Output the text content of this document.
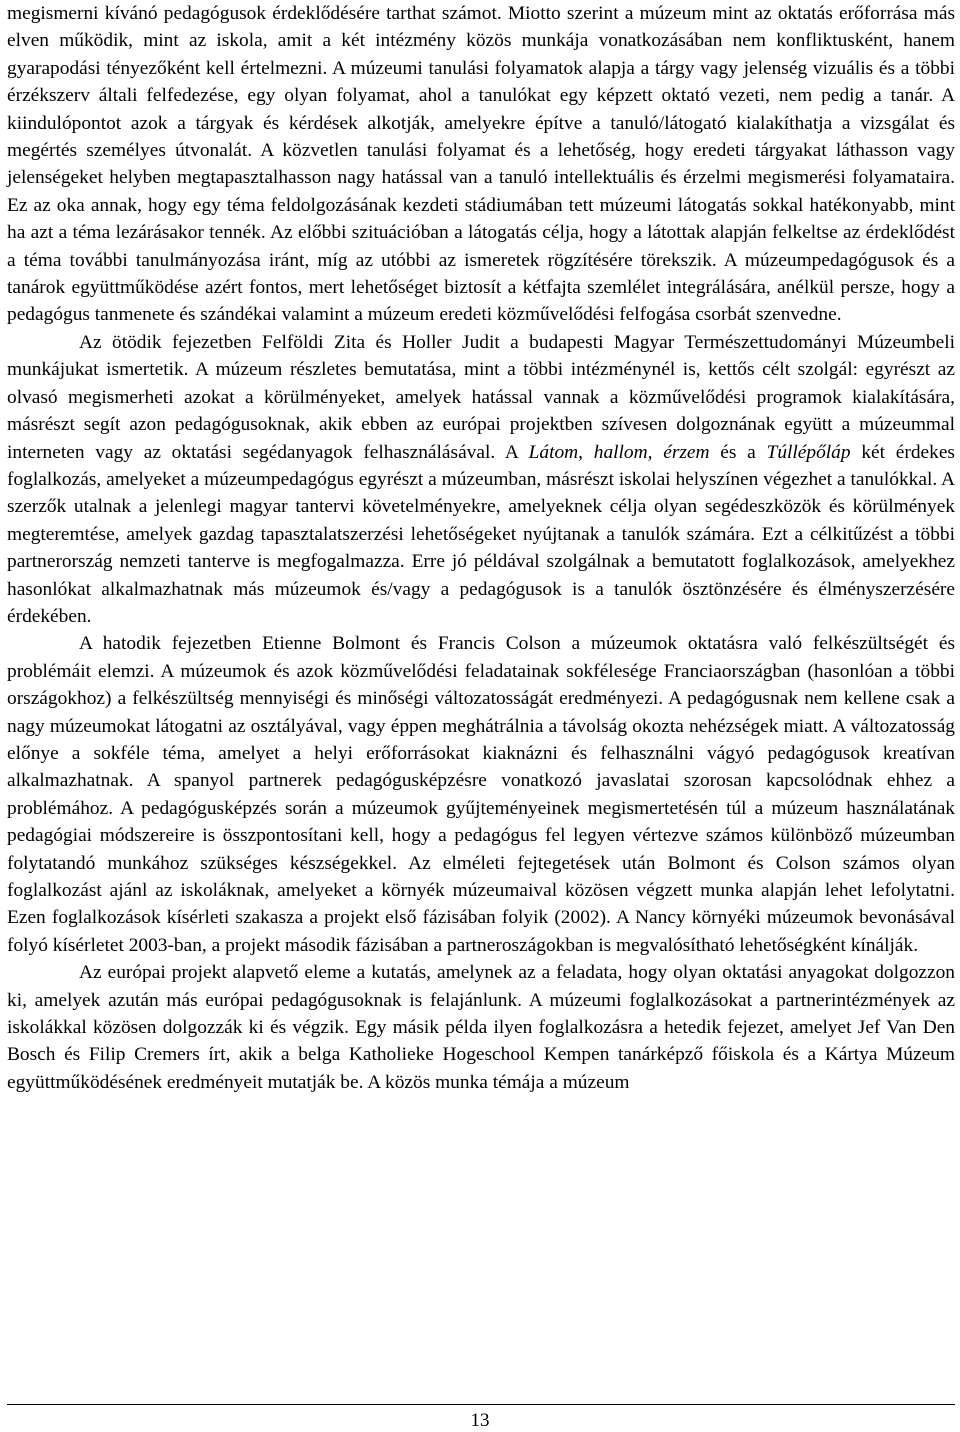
megismerni kívánó pedagógusok érdeklődésére tarthat számot. Miotto szerint a múzeum mint az oktatás erőforrása más elven működik, mint az iskola, amit a két intézmény közös munkája vonatkozásában nem konfliktusként, hanem gyarapodási tényezőként kell értelmezni. A múzeumi tanulási folyamatok alapja a tárgy vagy jelenség vizuális és a többi érzékszerv általi felfedezése, egy olyan folyamat, ahol a tanulókat egy képzett oktató vezeti, nem pedig a tanár. A kiindulópontot azok a tárgyak és kérdések alkotják, amelyekre építve a tanuló/látogató kialakíthatja a vizsgálat és megértés személyes útvonalát. A közvetlen tanulási folyamat és a lehetőség, hogy eredeti tárgyakat láthasson vagy jelenségeket helyben megtapasztalhasson nagy hatással van a tanuló intellektuális és érzelmi megismerési folyamataira. Ez az oka annak, hogy egy téma feldolgozásának kezdeti stádiumában tett múzeumi látogatás sokkal hatékonyabb, mint ha azt a téma lezárásakor tennék. Az előbbi szituációban a látogatás célja, hogy a látottak alapján felkeltse az érdeklődést a téma további tanulmányozása iránt, míg az utóbbi az ismeretek rögzítésére törekszik. A múzeumpedagógusok és a tanárok együttműködése azért fontos, mert lehetőséget biztosít a kétfajta szemlélet integrálására, anélkül persze, hogy a pedagógus tanmenete és szándékai valamint a múzeum eredeti közművelődési felfogása csorbát szenvedne.

Az ötödik fejezetben Felföldi Zita és Holler Judit a budapesti Magyar Természettudományi Múzeumbeli munkájukat ismertetik. A múzeum részletes bemutatása, mint a többi intézménynél is, kettős célt szolgál: egyrészt az olvasó megismerheti azokat a körülményeket, amelyek hatással vannak a közművelődési programok kialakítására, másrészt segít azon pedagógusoknak, akik ebben az európai projektben szívesen dolgoznának együtt a múzeummal interneten vagy az oktatási segédanyagok felhasználásával. A Látom, hallom, érzem és a Túllépőláp két érdekes foglalkozás, amelyeket a múzeumpedagógus egyrészt a múzeumban, másrészt iskolai helyszínen végezhet a tanulókkal. A szerzők utalnak a jelenlegi magyar tantervi követelményekre, amelyeknek célja olyan segédeszközök és körülmények megteremtése, amelyek gazdag tapasztalatszerzési lehetőségeket nyújtanak a tanulók számára. Ezt a célkitűzést a többi partnerország nemzeti tanterve is megfogalmazza. Erre jó példával szolgálnak a bemutatott foglalkozások, amelyekhez hasonlókat alkalmazhatnak más múzeumok és/vagy a pedagógusok is a tanulók ösztönzésére és élményszerzésére érdekében.

A hatodik fejezetben Etienne Bolmont és Francis Colson a múzeumok oktatásra való felkészültségét és problémáit elemzi. A múzeumok és azok közművelődési feladatainak sokfélesége Franciaországban (hasonlóan a többi országokhoz) a felkészültség mennyiségi és minőségi változatosságát eredményezi. A pedagógusnak nem kellene csak a nagy múzeumokat látogatni az osztályával, vagy éppen meghátrálnia a távolság okozta nehézségek miatt. A változatosság előnye a sokféle téma, amelyet a helyi erőforrásokat kiaknázni és felhasználni vágyó pedagógusok kreatívan alkalmazhatnak. A spanyol partnerek pedagógusképzésre vonatkozó javaslatai szorosan kapcsolódnak ehhez a problémához. A pedagógusképzés során a múzeumok gyűjteményeinek megismertetésén túl a múzeum használatának pedagógiai módszereire is összpontosítani kell, hogy a pedagógus fel legyen vértezve számos különböző múzeumban folytatandó munkához szükséges készségekkel. Az elméleti fejtegetések után Bolmont és Colson számos olyan foglalkozást ajánl az iskoláknak, amelyeket a környék múzeumaival közösen végzett munka alapján lehet lefolytatni. Ezen foglalkozások kísérleti szakasza a projekt első fázisában folyik (2002). A Nancy környéki múzeumok bevonásával folyó kísérletet 2003-ban, a projekt második fázisában a partneroszágokban is megvalósítható lehetőségként kínálják.

Az európai projekt alapvető eleme a kutatás, amelynek az a feladata, hogy olyan oktatási anyagokat dolgozzon ki, amelyek azután más európai pedagógusoknak is felajánlunk. A múzeumi foglalkozásokat a partnerintézmények az iskolákkal közösen dolgozzák ki és végzik. Egy másik példa ilyen foglalkozásra a hetedik fejezet, amelyet Jef Van Den Bosch és Filip Cremers írt, akik a belga Katholieke Hogeschool Kempen tanárképző főiskola és a Kártya Múzeum együttműködésének eredményeit mutatják be. A közös munka témája a múzeum

13
